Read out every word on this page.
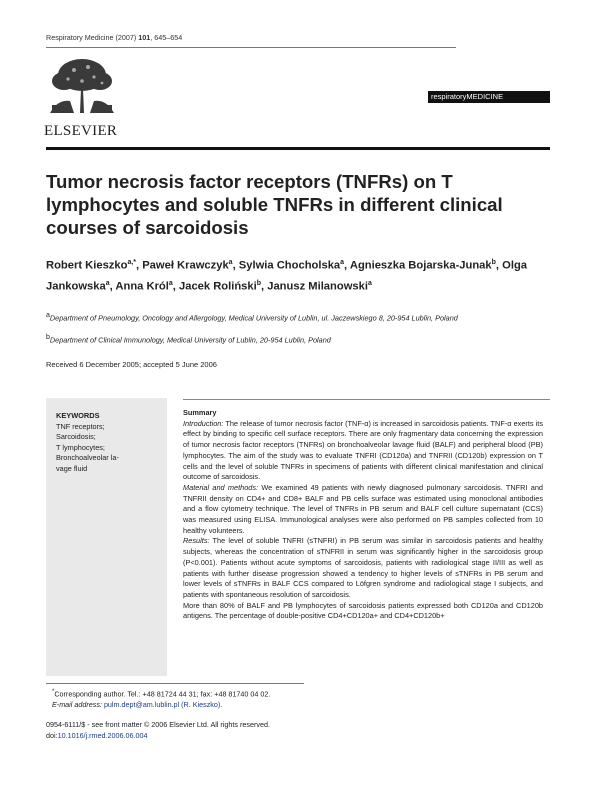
Respiratory Medicine (2007) 101, 645–654
ELSEVIER
respiratoryMEDICINE
Tumor necrosis factor receptors (TNFRs) on T lymphocytes and soluble TNFRs in different clinical courses of sarcoidosis
Robert Kieszko$^{a,*}$, Paweł Krawczyk$^a$, Sylwia Chocholska$^a$, Agnieszka Bojarska-Junak$^b$, Olga Jankowska$^a$, Anna Król$^a$, Jacek Roliński$^b$, Janusz Milanowski$^a$
$^a$Department of Pneumology, Oncology and Allergology, Medical University of Lublin, ul. Jaczewskiego 8, 20-954 Lublin, Poland
$^b$Department of Clinical Immunology, Medical University of Lublin, 20-954 Lublin, Poland
Received 6 December 2005; accepted 5 June 2006
KEYWORDS
TNF receptors;
Sarcoidosis;
T lymphocytes;
Bronchoalveolar la-
vage fluid

Summary

Introduction: The release of tumor necrosis factor (TNF-α) is increased in sarcoidosis patients. TNF-α exerts its effect by binding to specific cell surface receptors. There are only fragmentary data concerning the expression of tumor necrosis factor receptors (TNFRs) on bronchoalveolar lavage fluid (BALF) and peripheral blood (PB) lymphocytes. The aim of the study was to evaluate TNFRI (CD120a) and TNFRII (CD120b) expression on T cells and the level of soluble TNFRs in specimens of patients with different clinical manifestation and clinical outcome of sarcoidosis.

Material and methods: We examined 49 patients with newly diagnosed pulmonary sarcoidosis. TNFRI and TNFRII density on CD4+ and CD8+ BALF and PB cells surface was estimated using monoclonal antibodies and a flow cytometry technique. The level of TNFRs in PB serum and BALF cell culture supernatant (CCS) was measured using ELISA. Immunological analyses were also performed on PB samples collected from 10 healthy volunteers.

Results: The level of soluble TNFRI (sTNFRI) in PB serum was similar in sarcoidosis patients and healthy subjects, whereas the concentration of sTNFRII in serum was significantly higher in the sarcoidosis group (P<0.001). Patients without acute symptoms of sarcoidosis, patients with radiological stage II/III as well as patients with further disease progression showed a tendency to higher levels of sTNFRs in PB serum and lower levels of sTNFRs in BALF CCS compared to Löfgren syndrome and radiological stage I subjects, and patients with spontaneous resolution of sarcoidosis.

More than 80% of BALF and PB lymphocytes of sarcoidosis patients expressed both CD120a and CD120b antigens. The percentage of double-positive CD4+CD120a+ and CD4+CD120b+

*Corresponding author. Tel.: +48 81724 44 31; fax: +48 81740 04 02.
E-mail address: pulm.dept@am.lublin.pl (R. Kieszko).
0954-6111/$ - see front matter © 2006 Elsevier Ltd. All rights reserved.
doi:10.1016/j.rmed.2006.06.004
